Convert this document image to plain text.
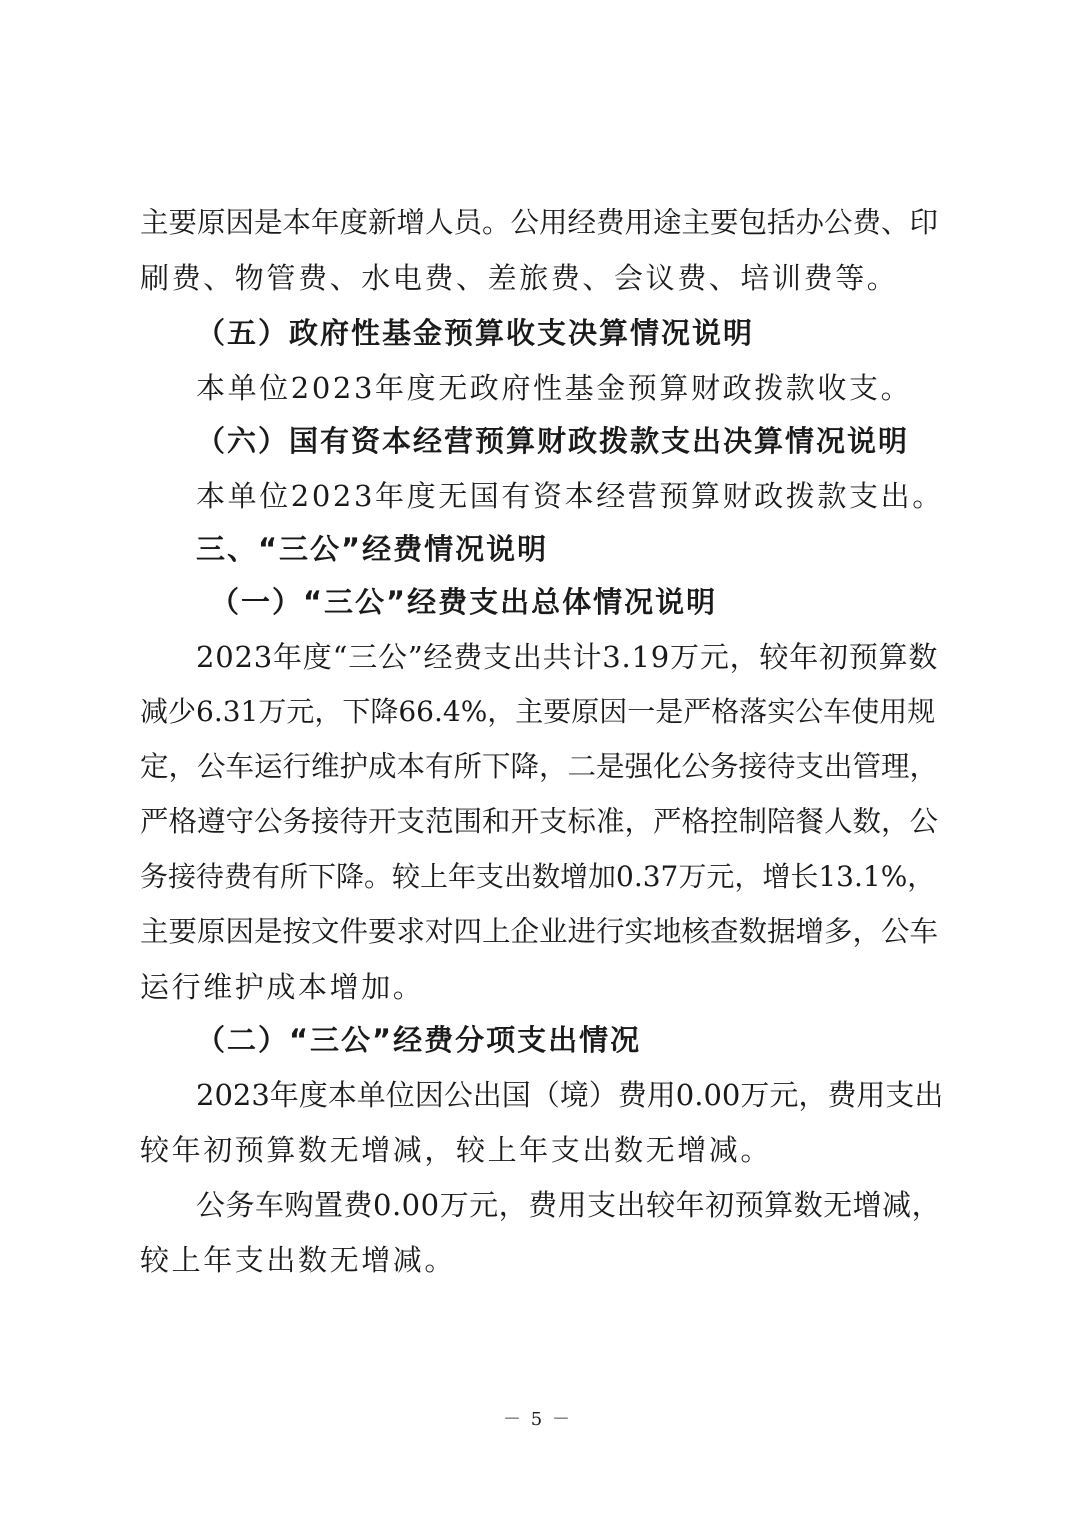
主要原因是本年度新增人员。公用经费用途主要包括办公费、印
刷费、物管费、水电费、差旅费、会议费、培训费等。
（五）政府性基金预算收支决算情况说明
本单位2023年度无政府性基金预算财政拨款收支。
（六）国有资本经营预算财政拨款支出决算情况说明
本单位2023年度无国有资本经营预算财政拨款支出。
三、“三公”经费情况说明
（一）“三公”经费支出总体情况说明
2023年度“三公”经费支出共计3.19万元，较年初预算数
减少6.31万元，下降66.4%，主要原因一是严格落实公车使用规
定，公车运行维护成本有所下降，二是强化公务接待支出管理，
严格遵守公务接待开支范围和开支标准，严格控制陪餐人数，公
务接待费有所下降。较上年支出数增加0.37万元，增长13.1%，
主要原因是按文件要求对四上企业进行实地核查数据增多，公车
运行维护成本增加。
（二）“三公”经费分项支出情况
2023年度本单位因公出国（境）费用0.00万元，费用支出
较年初预算数无增减，较上年支出数无增减。
公务车购置费0.00万元，费用支出较年初预算数无增减，
较上年支出数无增减。
－ 5 －
